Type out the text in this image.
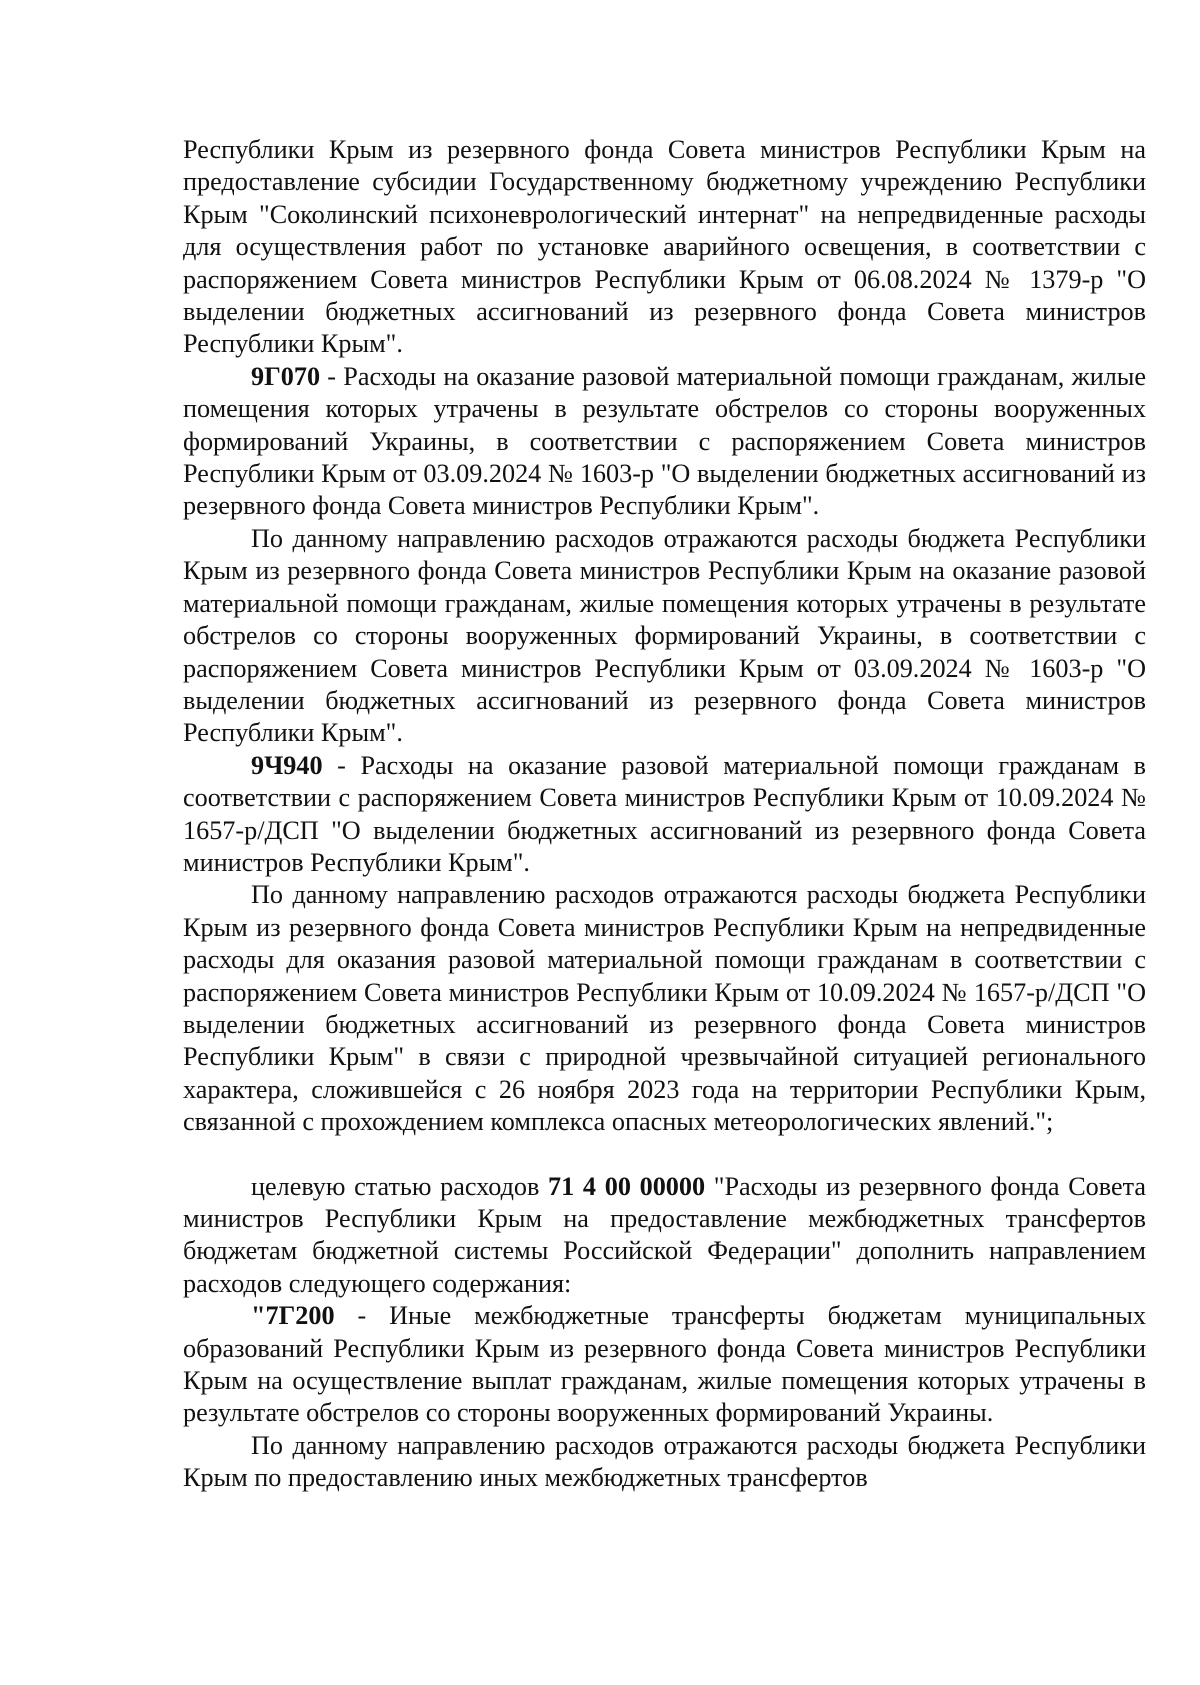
Республики Крым из резервного фонда Совета министров Республики Крым на предоставление субсидии Государственному бюджетному учреждению Республики Крым "Соколинский психоневрологический интернат" на непредвиденные расходы для осуществления работ по установке аварийного освещения, в соответствии с распоряжением Совета министров Республики Крым от 06.08.2024 № 1379-р "О выделении бюджетных ассигнований из резервного фонда Совета министров Республики Крым".

9Г070 - Расходы на оказание разовой материальной помощи гражданам, жилые помещения которых утрачены в результате обстрелов со стороны вооруженных формирований Украины, в соответствии с распоряжением Совета министров Республики Крым от 03.09.2024 № 1603-р "О выделении бюджетных ассигнований из резервного фонда Совета министров Республики Крым".

По данному направлению расходов отражаются расходы бюджета Республики Крым из резервного фонда Совета министров Республики Крым на оказание разовой материальной помощи гражданам, жилые помещения которых утрачены в результате обстрелов со стороны вооруженных формирований Украины, в соответствии с распоряжением Совета министров Республики Крым от 03.09.2024 № 1603-р "О выделении бюджетных ассигнований из резервного фонда Совета министров Республики Крым".

9Ч940 - Расходы на оказание разовой материальной помощи гражданам в соответствии с распоряжением Совета министров Республики Крым от 10.09.2024 № 1657-р/ДСП "О выделении бюджетных ассигнований из резервного фонда Совета министров Республики Крым".

По данному направлению расходов отражаются расходы бюджета Республики Крым из резервного фонда Совета министров Республики Крым на непредвиденные расходы для оказания разовой материальной помощи гражданам в соответствии с распоряжением Совета министров Республики Крым от 10.09.2024 № 1657-р/ДСП "О выделении бюджетных ассигнований из резервного фонда Совета министров Республики Крым" в связи с природной чрезвычайной ситуацией регионального характера, сложившейся с 26 ноября 2023 года на территории Республики Крым, связанной с прохождением комплекса опасных метеорологических явлений.";

целевую статью расходов 71 4 00 00000 "Расходы из резервного фонда Совета министров Республики Крым на предоставление межбюджетных трансфертов бюджетам бюджетной системы Российской Федерации" дополнить направлением расходов следующего содержания:

"7Г200 - Иные межбюджетные трансферты бюджетам муниципальных образований Республики Крым из резервного фонда Совета министров Республики Крым на осуществление выплат гражданам, жилые помещения которых утрачены в результате обстрелов со стороны вооруженных формирований Украины.

По данному направлению расходов отражаются расходы бюджета Республики Крым по предоставлению иных межбюджетных трансфертов
